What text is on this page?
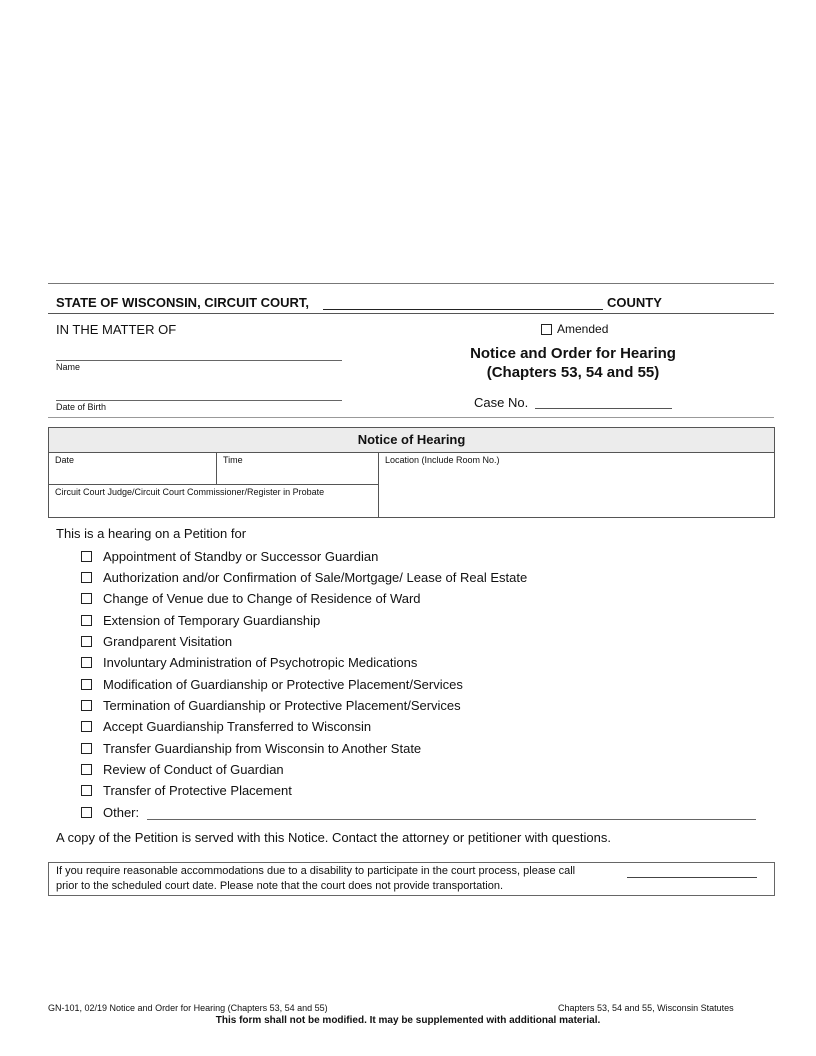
STATE OF WISCONSIN, CIRCUIT COURT,	COUNTY
IN THE MATTER OF	Amended
Name
Date of Birth
Notice and Order for Hearing
(Chapters 53, 54 and 55)
Case No.
Notice of Hearing
Date	Time
Circuit Court Judge/Circuit Court Commissioner/Register in Probate
Location (Include Room No.)
This is a hearing on a Petition for
Appointment of Standby or Successor Guardian
Authorization and/or Confirmation of Sale/Mortgage/ Lease of Real Estate
Change of Venue due to Change of Residence of Ward
Extension of Temporary Guardianship
Grandparent Visitation
Involuntary Administration of Psychotropic Medications
Modification of Guardianship or Protective Placement/Services
Termination of Guardianship or Protective Placement/Services
Accept Guardianship Transferred to Wisconsin
Transfer Guardianship from Wisconsin to Another State
Review of Conduct of Guardian
Transfer of Protective Placement
Other:
A copy of the Petition is served with this Notice. Contact the attorney or petitioner with questions.
If you require reasonable accommodations due to a disability to participate in the court process, please call
prior to the scheduled court date. Please note that the court does not provide transportation.
GN-101, 02/19 Notice and Order for Hearing (Chapters 53, 54 and 55)	Chapters 53, 54 and 55, Wisconsin Statutes
This form shall not be modified. It may be supplemented with additional material.
